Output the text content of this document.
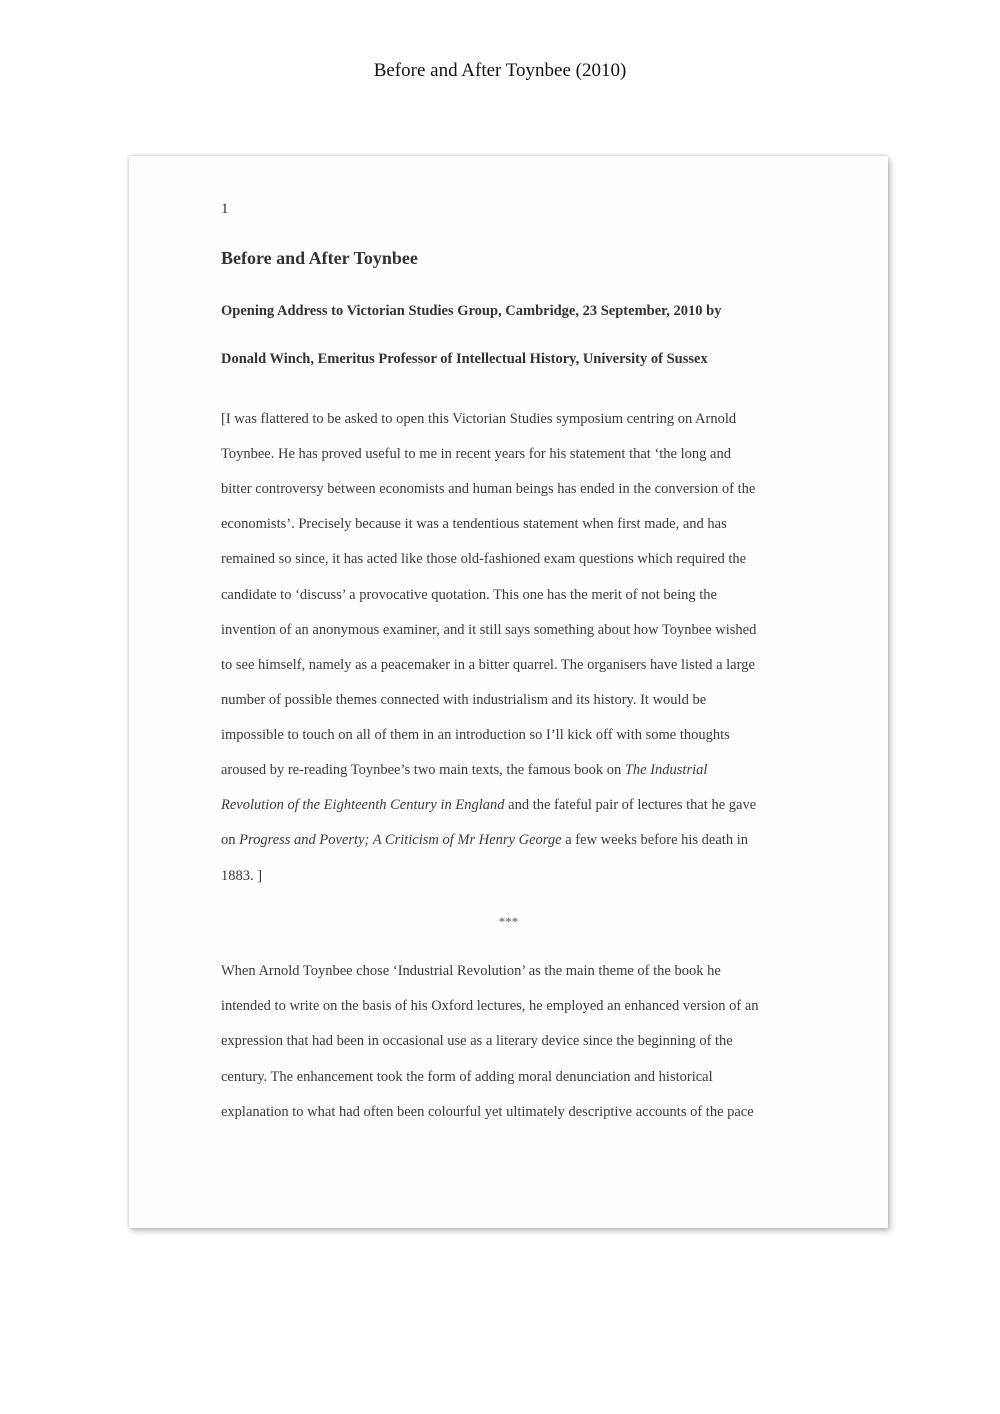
Before and After Toynbee (2010)
1
Before and After Toynbee
Opening Address to Victorian Studies Group, Cambridge, 23 September, 2010 by
Donald Winch, Emeritus Professor of Intellectual History, University of Sussex
[I was flattered to be asked to open this Victorian Studies symposium centring on Arnold
Toynbee. He has proved useful to me in recent years for his statement that ‘the long and
bitter controversy between economists and human beings has ended in the conversion of the
economists’. Precisely because it was a tendentious statement when first made, and has
remained so since, it has acted like those old-fashioned exam questions which required the
candidate to ‘discuss’ a provocative quotation. This one has the merit of not being the
invention of an anonymous examiner, and it still says something about how Toynbee wished
to see himself, namely as a peacemaker in a bitter quarrel. The organisers have listed a large
number of possible themes connected with industrialism and its history. It would be
impossible to touch on all of them in an introduction so I’ll kick off with some thoughts
aroused by re-reading Toynbee’s two main texts, the famous book on The Industrial
Revolution of the Eighteenth Century in England and the fateful pair of lectures that he gave
on Progress and Poverty; A Criticism of Mr Henry George a few weeks before his death in
1883. ]
***
When Arnold Toynbee chose ‘Industrial Revolution’ as the main theme of the book he
intended to write on the basis of his Oxford lectures, he employed an enhanced version of an
expression that had been in occasional use as a literary device since the beginning of the
century. The enhancement took the form of adding moral denunciation and historical
explanation to what had often been colourful yet ultimately descriptive accounts of the pace
